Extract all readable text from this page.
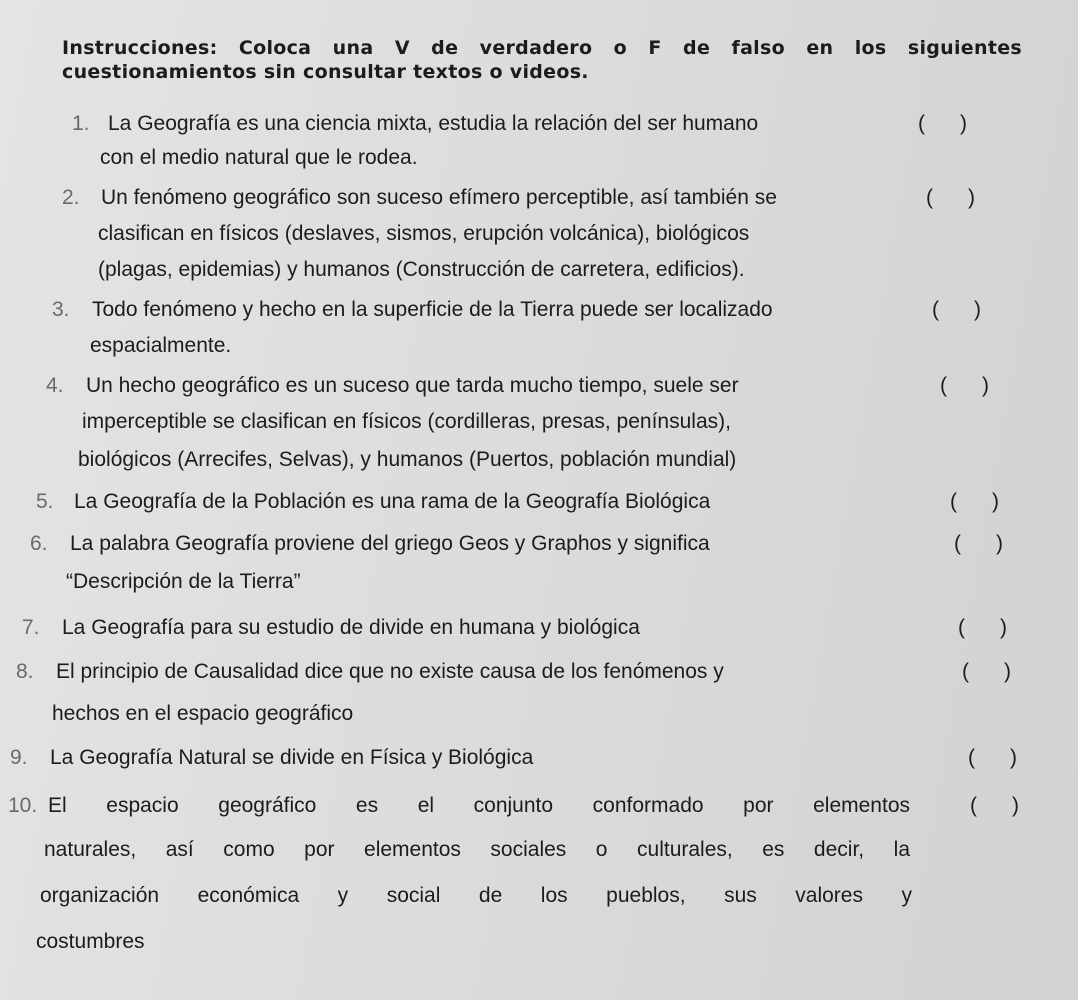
Instrucciones: Coloca una V de verdadero o F de falso en los siguientes cuestionamientos sin consultar textos o videos.
1. La Geografía es una ciencia mixta, estudia la relación del ser humano
con el medio natural que le rodea.
(      )
2. Un fenómeno geográfico son suceso efímero perceptible, así también se
clasifican en físicos (deslaves, sismos, erupción volcánica), biológicos
(plagas, epidemias) y humanos (Construcción de carretera, edificios).
(      )
3. Todo fenómeno y hecho en la superficie de la Tierra puede ser localizado
espacialmente.
(      )
4. Un hecho geográfico es un suceso que tarda mucho tiempo, suele ser
imperceptible se clasifican en físicos (cordilleras, presas, penínsulas),
biológicos (Arrecifes, Selvas), y humanos (Puertos, población mundial)
(      )
5. La Geografía de la Población es una rama de la Geografía Biológica	(      )
6. La palabra Geografía proviene del griego Geos y Graphos y significa
“Descripción de la Tierra”
(      )
7. La Geografía para su estudio de divide en humana y biológica	(      )
8. El principio de Causalidad dice que no existe causa de los fenómenos y
hechos en el espacio geográfico
(      )
9. La Geografía Natural se divide en Física y Biológica	(      )
10. El espacio geográfico es el conjunto conformado por elementos
naturales, así como por elementos sociales o culturales, es decir, la
organización económica y social de los pueblos, sus valores y
costumbres
(      )
